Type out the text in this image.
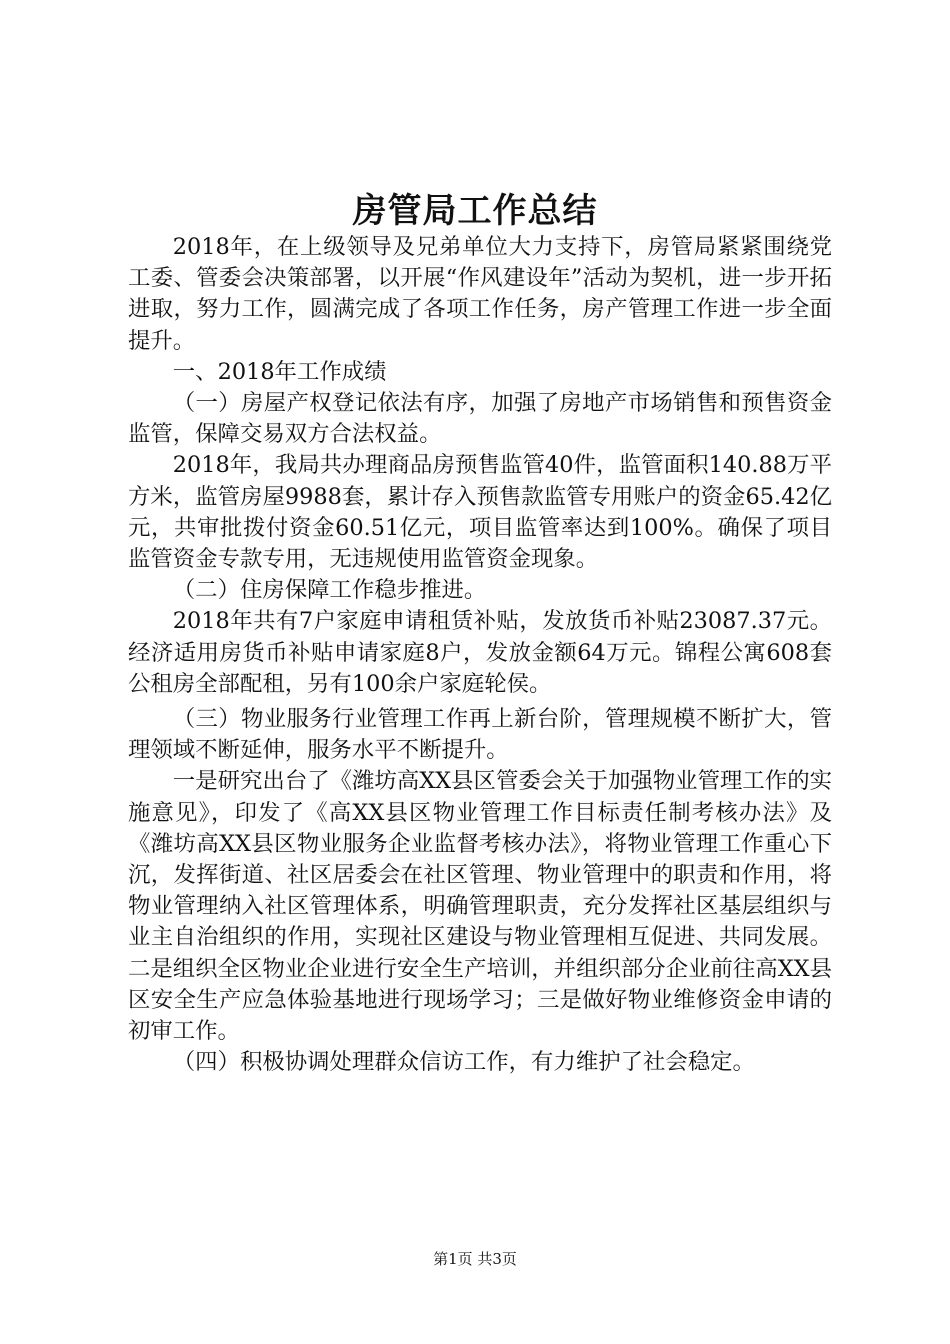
房管局工作总结

2018年，在上级领导及兄弟单位大力支持下，房管局紧紧围绕党工委、管委会决策部署，以开展“作风建设年”活动为契机，进一步开拓进取，努力工作，圆满完成了各项工作任务，房产管理工作进一步全面提升。

一、2018年工作成绩

（一）房屋产权登记依法有序，加强了房地产市场销售和预售资金监管，保障交易双方合法权益。

2018年，我局共办理商品房预售监管40件，监管面积140.88万平方米，监管房屋9988套，累计存入预售款监管专用账户的资金65.42亿元，共审批拨付资金60.51亿元，项目监管率达到100%。确保了项目监管资金专款专用，无违规使用监管资金现象。

（二）住房保障工作稳步推进。

2018年共有7户家庭申请租赁补贴，发放货币补贴23087.37元。经济适用房货币补贴申请家庭8户，发放金额64万元。锦程公寓608套公租房全部配租，另有100余户家庭轮侯。

（三）物业服务行业管理工作再上新台阶，管理规模不断扩大，管理领域不断延伸，服务水平不断提升。

一是研究出台了《潍坊高XX县区管委会关于加强物业管理工作的实施意见》，印发了《高XX县区物业管理工作目标责任制考核办法》及《潍坊高XX县区物业服务企业监督考核办法》，将物业管理工作重心下沉，发挥街道、社区居委会在社区管理、物业管理中的职责和作用，将物业管理纳入社区管理体系，明确管理职责，充分发挥社区基层组织与业主自治组织的作用，实现社区建设与物业管理相互促进、共同发展。二是组织全区物业企业进行安全生产培训，并组织部分企业前往高XX县区安全生产应急体验基地进行现场学习；三是做好物业维修资金申请的初审工作。

（四）积极协调处理群众信访工作，有力维护了社会稳定。

第1页 共3页
